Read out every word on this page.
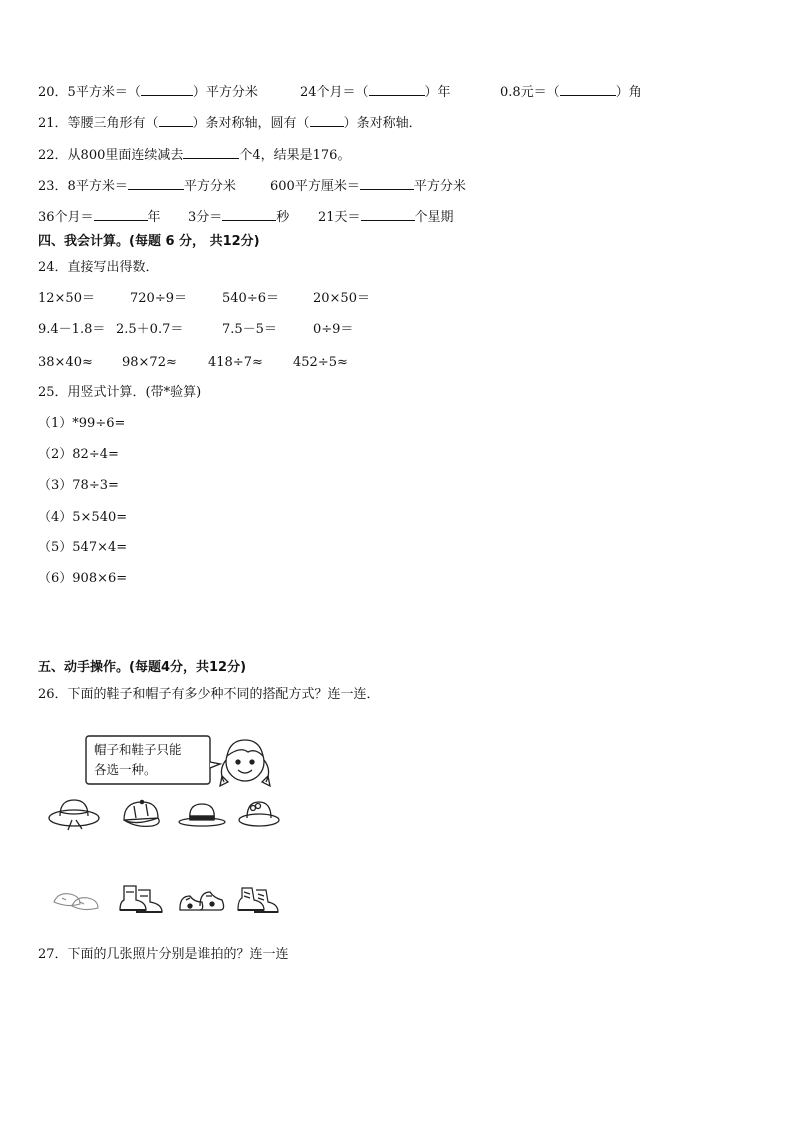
20．5平方米＝（	）平方分米	24个月＝（	）年	0.8元＝（	）角
21．等腰三角形有（	）条对称轴，圆有（	）条对称轴．
22．从800里面连续减去	个4，结果是176。
23．8平方米＝	平方分米	600平方厘米＝	平方分米
36个月＝	年 3分＝	秒 21天＝	个星期
四、我会计算。(每题 6 分， 共12分)
24．直接写出得数．
12×50＝	720÷9＝	540÷6＝	20×50＝
9.4－1.8＝ 2.5＋0.7＝	7.5－5＝	0÷9＝
38×40≈ 98×72≈ 418÷7≈ 452÷5≈
25．用竖式计算．(带*验算)
（1）*99÷6=
（2）82÷4=
（3）78÷3=
（4）5×540=
（5）547×4=
（6）908×6=
五、动手操作。(每题4分，共12分)
26．下面的鞋子和帽子有多少种不同的搭配方式？连一连．
帽子和鞋子只能
各选一种。
27．下面的几张照片分别是谁拍的？连一连
